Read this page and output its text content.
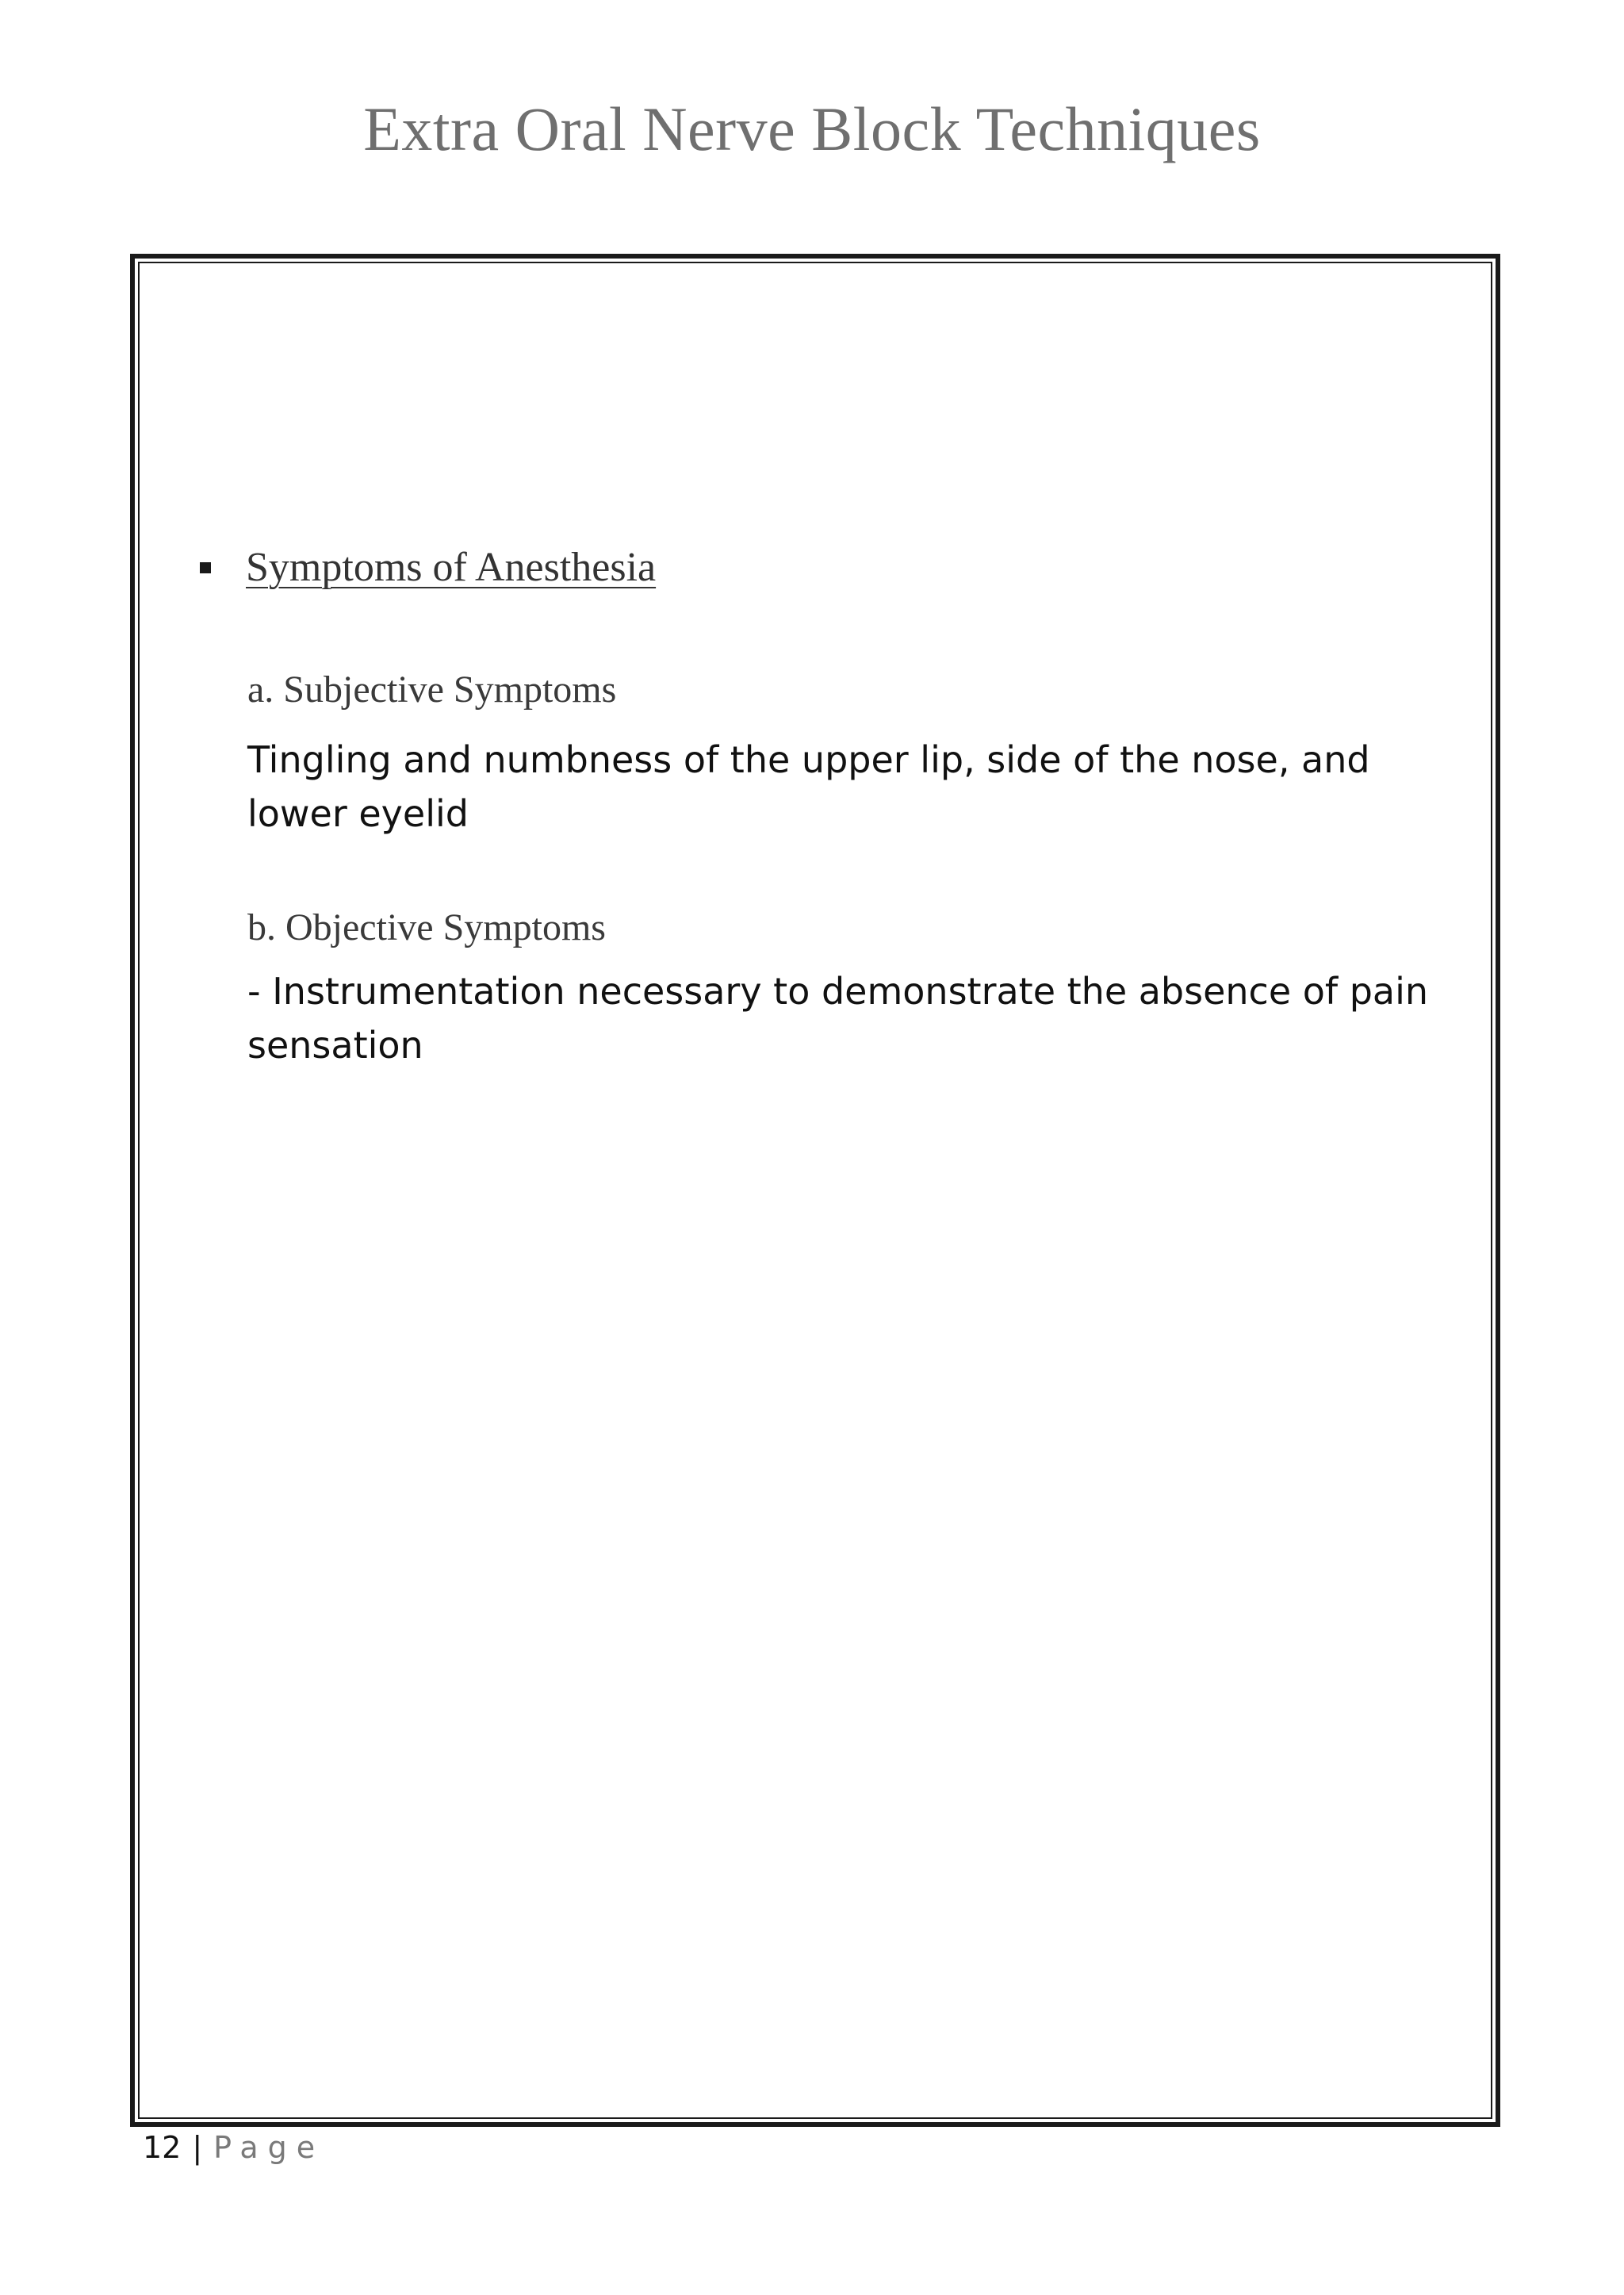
Extra Oral Nerve Block Techniques
Symptoms of Anesthesia
a. Subjective Symptoms
Tingling and numbness of the upper lip, side of the nose, and lower eyelid
b. Objective Symptoms
- Instrumentation necessary to demonstrate the absence of pain sensation
12 | Page
